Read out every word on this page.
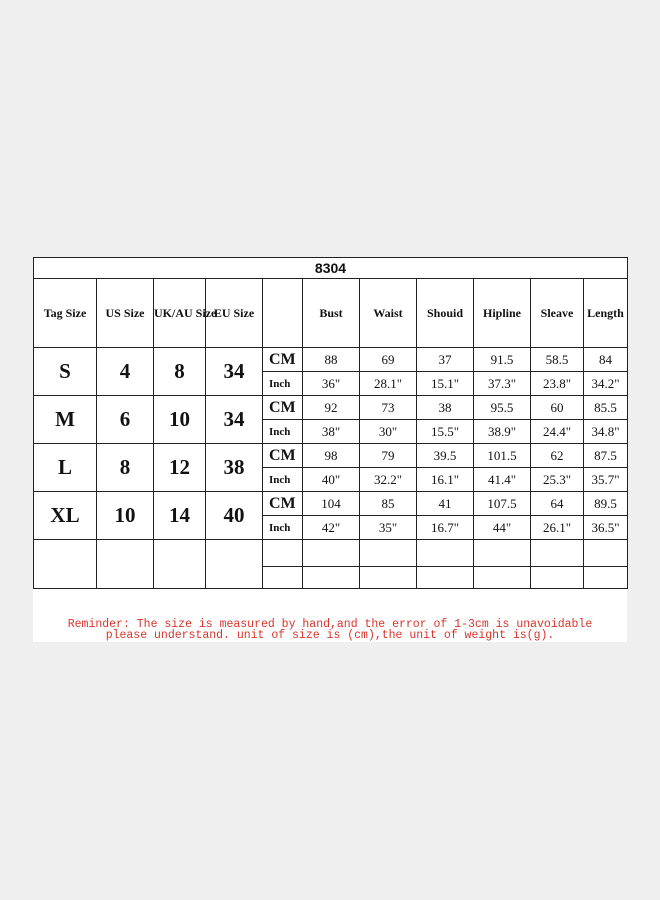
8304										
Tag Size	US Size	UK/AU Size	EU Size		Bust	Waist	Shouid	Hipline	Sleave	Length
S	4	8	34	CM	88	69	37	91.5	58.5	84
				Inch	36"	28.1"	15.1"	37.3"	23.8"	34.2"
M	6	10	34	CM	92	73	38	95.5	60	85.5
				Inch	38"	30"	15.5"	38.9"	24.4"	34.8"
L	8	12	38	CM	98	79	39.5	101.5	62	87.5
				Inch	40"	32.2"	16.1"	41.4"	25.3"	35.7"
XL	10	14	40	CM	104	85	41	107.5	64	89.5
				Inch	42"	35"	16.7"	44"	26.1"	36.5"

Reminder: The size is measured by hand,and the error of 1-3cm is unavoidable
please understand. unit of size is (cm),the unit of weight is(g).
